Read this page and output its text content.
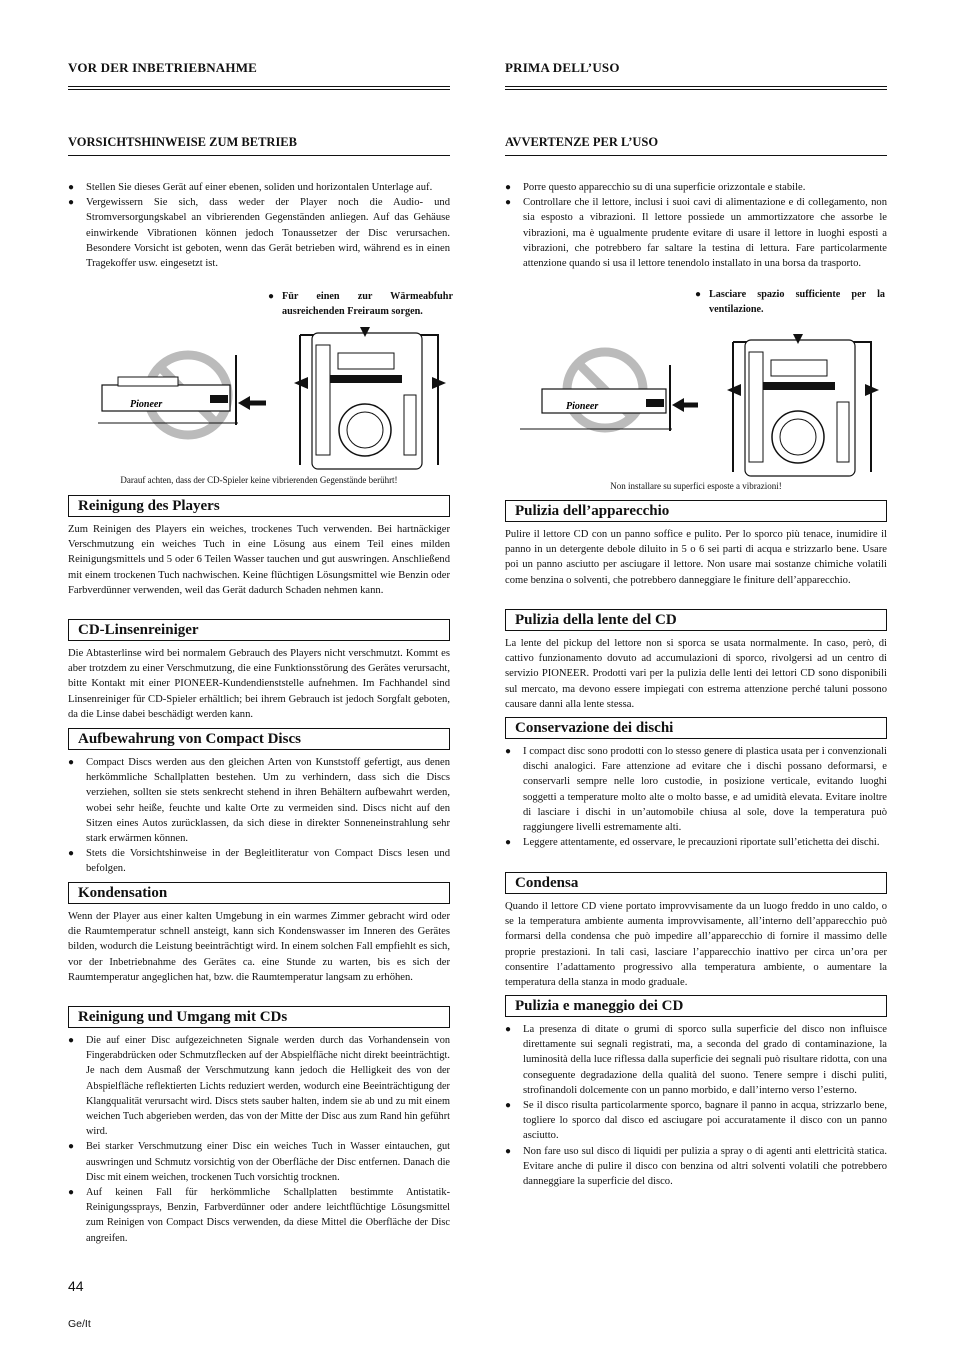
VOR DER INBETRIEBNAHME
VORSICHTSHINWEISE ZUM BETRIEB

● Stellen Sie dieses Gerät auf einer ebenen, soliden und horizontalen Unterlage auf.

● Vergewissern Sie sich, dass weder der Player noch die Audio- und Stromversorgungskabel an vibrierenden Gegenständen anliegen. Auf das Gehäuse einwirkende Vibrationen können jedoch Tonaussetzer der Disc verursachen. Besondere Vorsicht ist geboten, wenn das Gerät betrieben wird, während es in einen Tragekoffer usw. eingesetzt ist.

● Für einen zur Wärmeabfuhr ausreichenden Freiraum sorgen.

Pioneer
Darauf achten, dass der CD-Spieler keine vibrierenden Gegenstände berührt!
Reinigung des Players

Zum Reinigen des Players ein weiches, trockenes Tuch verwenden. Bei hartnäckiger Verschmutzung ein weiches Tuch in eine Lösung aus einem Teil eines milden Reinigungsmittels und 5 oder 6 Teilen Wasser tauchen und gut auswringen. Anschließend mit einem trockenen Tuch nachwischen. Keine flüchtigen Lösungsmittel wie Benzin oder Farbverdünner verwenden, weil das Gerät dadurch Schaden nehmen kann.

CD-Linsenreiniger

Die Abtasterlinse wird bei normalem Gebrauch des Players nicht verschmutzt. Kommt es aber trotzdem zu einer Verschmutzung, die eine Funktionsstörung des Gerätes verursacht, bitte Kontakt mit einer PIONEER-Kundendienststelle aufnehmen. Im Fachhandel sind Linsenreiniger für CD-Spieler erhältlich; bei ihrem Gebrauch ist jedoch Sorgfalt geboten, da die Linse dabei beschädigt werden kann.

Aufbewahrung von Compact Discs

● Compact Discs werden aus den gleichen Arten von Kunststoff gefertigt, aus denen herkömmliche Schallplatten bestehen. Um zu verhindern, dass sich die Discs verziehen, sollten sie stets senkrecht stehend in ihren Behältern aufbewahrt werden, wobei sehr heiße, feuchte und kalte Orte zu vermeiden sind. Discs nicht auf den Sitzen eines Autos zurücklassen, da sich diese in direkter Sonneneinstrahlung sehr stark erwärmen können.

● Stets die Vorsichtshinweise in der Begleitliteratur von Compact Discs lesen und befolgen.

Kondensation

Wenn der Player aus einer kalten Umgebung in ein warmes Zimmer gebracht wird oder die Raumtemperatur schnell ansteigt, kann sich Kondenswasser im Inneren des Gerätes bilden, wodurch die Leistung beeinträchtigt wird. In einem solchen Fall empfiehlt es sich, vor der Inbetriebnahme des Gerätes ca. eine Stunde zu warten, bis es sich der Raumtemperatur angeglichen hat, bzw. die Raumtemperatur langsam zu erhöhen.

Reinigung und Umgang mit CDs

● Die auf einer Disc aufgezeichneten Signale werden durch das Vorhandensein von Fingerabdrücken oder Schmutzflecken auf der Abspielfläche nicht direkt beeinträchtigt. Je nach dem Ausmaß der Verschmutzung kann jedoch die Helligkeit des von der Abspielfläche reflektierten Lichts reduziert werden, wodurch eine Beeinträchtigung der Klangqualität verursacht wird. Discs stets sauber halten, indem sie ab und zu mit einem weichen Tuch abgerieben werden, das von der Mitte der Disc aus zum Rand hin geführt wird.

● Bei starker Verschmutzung einer Disc ein weiches Tuch in Wasser eintauchen, gut auswringen und Schmutz vorsichtig von der Oberfläche der Disc entfernen. Danach die Disc mit einem weichen, trockenen Tuch vorsichtig trocknen.

● Auf keinen Fall für herkömmliche Schallplatten bestimmte Antistatik-Reinigungssprays, Benzin, Farbverdünner oder andere leichtflüchtige Lösungsmittel zum Reinigen von Compact Discs verwenden, da diese Mittel die Oberfläche der Disc angreifen.

PRIMA DELL’USO
AVVERTENZE PER L’USO

● Porre questo apparecchio su di una superficie orizzontale e stabile.

● Controllare che il lettore, inclusi i suoi cavi di alimentazione e di collegamento, non sia esposto a vibrazioni. Il lettore possiede un ammortizzatore che assorbe le vibrazioni, ma è ugualmente prudente evitare di usare il lettore in luoghi esposti a vibrazioni, che potrebbero far saltare la testina di lettura. Fare particolarmente attenzione quando si usa il lettore tenendolo installato in una borsa da trasporto.

● Lasciare spazio sufficiente per la ventilazione.

Pioneer
Non installare su superfici esposte a vibrazioni!
Pulizia dell’apparecchio

Pulire il lettore CD con un panno soffice e pulito. Per lo sporco più tenace, inumidire il panno in un detergente debole diluito in 5 o 6 sei parti di acqua e strizzarlo bene. Usare poi un panno asciutto per asciugare il lettore. Non usare mai sostanze chimiche volatili come benzina o solventi, che potrebbero danneggiare le finiture dell’apparecchio.

Pulizia della lente del CD

La lente del pickup del lettore non si sporca se usata normalmente. In caso, però, di cattivo funzionamento dovuto ad accumulazioni di sporco, rivolgersi ad un centro di servizio PIONEER. Prodotti vari per la pulizia delle lenti dei lettori CD sono disponibili sul mercato, ma devono essere impiegati con estrema attenzione perché taluni possono causare danni alla lente stessa.

Conservazione dei dischi

● I compact disc sono prodotti con lo stesso genere di plastica usata per i convenzionali dischi analogici. Fare attenzione ad evitare che i dischi possano deformarsi, e conservarli sempre nelle loro custodie, in posizione verticale, evitando luoghi soggetti a temperature molto alte o molto basse, e ad umidità elevata. Evitare inoltre di lasciare i dischi in un’automobile chiusa al sole, dove la temperatura può raggiungere livelli estremamente alti.

● Leggere attentamente, ed osservare, le precauzioni riportate sull’etichetta dei dischi.

Condensa

Quando il lettore CD viene portato improvvisamente da un luogo freddo in uno caldo, o se la temperatura ambiente aumenta improvvisamente, all’interno dell’apparecchio può formarsi della condensa che può impedire all’apparecchio di fornire il massimo delle proprie prestazioni. In tali casi, lasciare l’apparecchio inattivo per circa un’ora per consentire l’adattamento progressivo alla temperatura ambiente, o aumentare la temperatura della stanza in modo graduale.

Pulizia e maneggio dei CD

● La presenza di ditate o grumi di sporco sulla superficie del disco non influisce direttamente sui segnali registrati, ma, a seconda del grado di contaminazione, la luminosità della luce riflessa dalla superficie dei segnali può risultare ridotta, con una conseguente degradazione della qualità del suono. Tenere sempre i dischi puliti, strofinandoli dolcemente con un panno morbido, e dall’interno verso l’esterno.

● Se il disco risulta particolarmente sporco, bagnare il panno in acqua, strizzarlo bene, togliere lo sporco dal disco ed asciugare poi accuratamente il disco con un panno asciutto.

● Non fare uso sul disco di liquidi per pulizia a spray o di agenti anti elettricità statica. Evitare anche di pulire il disco con benzina od altri solventi volatili che potrebbero danneggiare la superficie del disco.

44
Ge/It
